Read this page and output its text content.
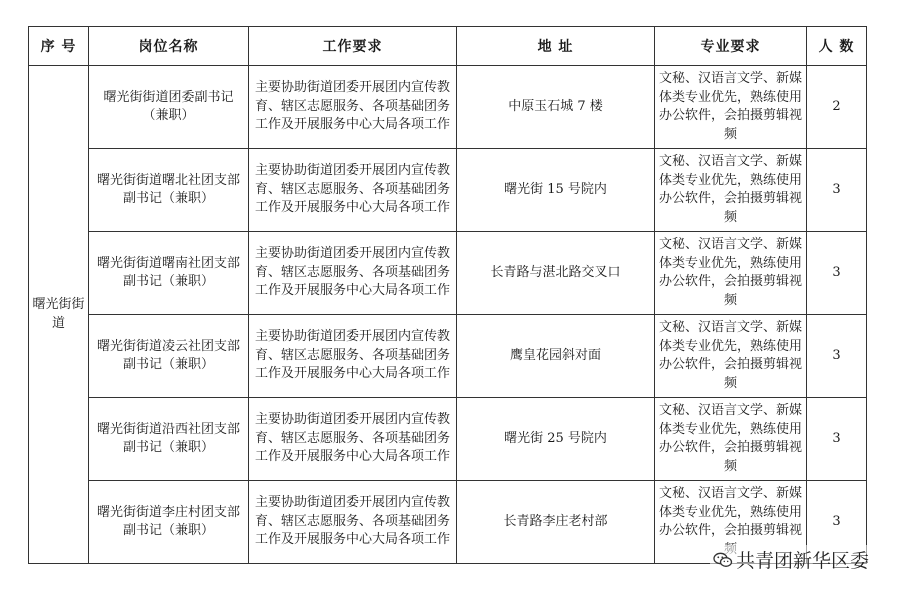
序 号	岗位名称	工作要求	地 址	专业要求	人 数
曙光街街道	曙光街街道团委副书记（兼职）	主要协助街道团委开展团内宣传教育、辖区志愿服务、各项基础团务工作及开展服务中心大局各项工作	中原玉石城 7 楼	文秘、汉语言文学、新媒体类专业优先，熟练使用办公软件，会拍摄剪辑视频	2
	曙光街街道曙北社团支部副书记（兼职）	主要协助街道团委开展团内宣传教育、辖区志愿服务、各项基础团务工作及开展服务中心大局各项工作	曙光街 15 号院内	文秘、汉语言文学、新媒体类专业优先，熟练使用办公软件，会拍摄剪辑视频	3
	曙光街街道曙南社团支部副书记（兼职）	主要协助街道团委开展团内宣传教育、辖区志愿服务、各项基础团务工作及开展服务中心大局各项工作	长青路与湛北路交叉口	文秘、汉语言文学、新媒体类专业优先，熟练使用办公软件，会拍摄剪辑视频	3
	曙光街街道凌云社团支部副书记（兼职）	主要协助街道团委开展团内宣传教育、辖区志愿服务、各项基础团务工作及开展服务中心大局各项工作	鹰皇花园斜对面	文秘、汉语言文学、新媒体类专业优先，熟练使用办公软件，会拍摄剪辑视频	3
	曙光街街道沿西社团支部副书记（兼职）	主要协助街道团委开展团内宣传教育、辖区志愿服务、各项基础团务工作及开展服务中心大局各项工作	曙光街 25 号院内	文秘、汉语言文学、新媒体类专业优先，熟练使用办公软件，会拍摄剪辑视频	3
	曙光街街道李庄村团支部副书记（兼职）	主要协助街道团委开展团内宣传教育、辖区志愿服务、各项基础团务工作及开展服务中心大局各项工作	长青路李庄老村部	文秘、汉语言文学、新媒体类专业优先，熟练使用办公软件，会拍摄剪辑视	3
共青团新华区委
